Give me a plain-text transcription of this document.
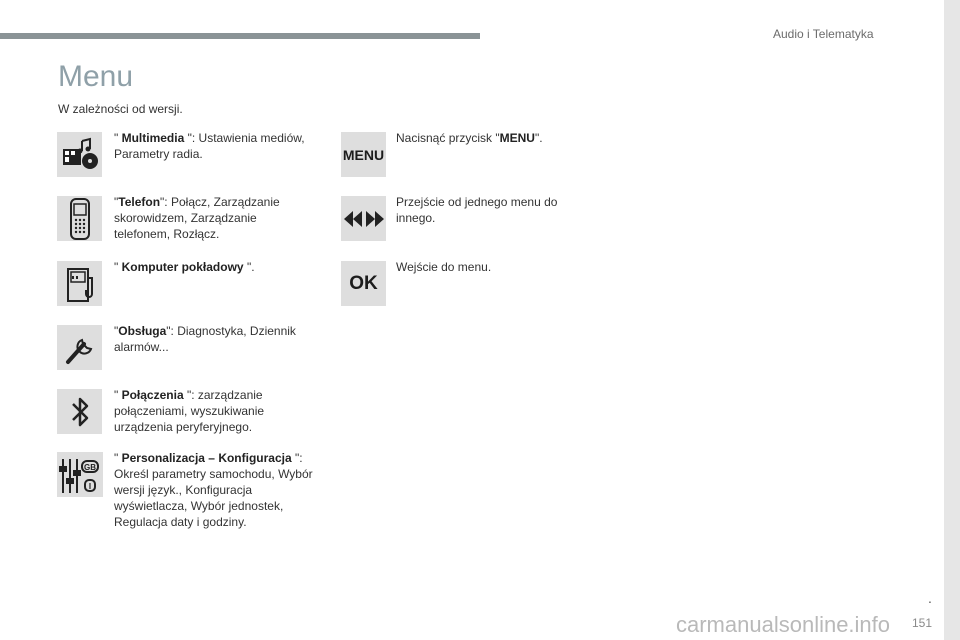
Audio i Telematyka
Menu
W zależności od wersji.
" Multimedia ": Ustawienia mediów, Parametry radia.
"Telefon": Połącz, Zarządzanie skorowidzem, Zarządzanie telefonem, Rozłącz.
" Komputer pokładowy ".
"Obsługa": Diagnostyka, Dziennik alarmów...
" Połączenia ": zarządzanie połączeniami, wyszukiwanie urządzenia peryferyjnego.
GB
I
" Personalizacja – Konfiguracja ": Określ parametry samochodu, Wybór wersji język., Konfiguracja wyświetlacza, Wybór jednostek, Regulacja daty i godziny.
MENU
Nacisnąć przycisk "MENU".
Przejście od jednego menu do innego.
OK
Wejście do menu.
carmanualsonline.info
.
151
